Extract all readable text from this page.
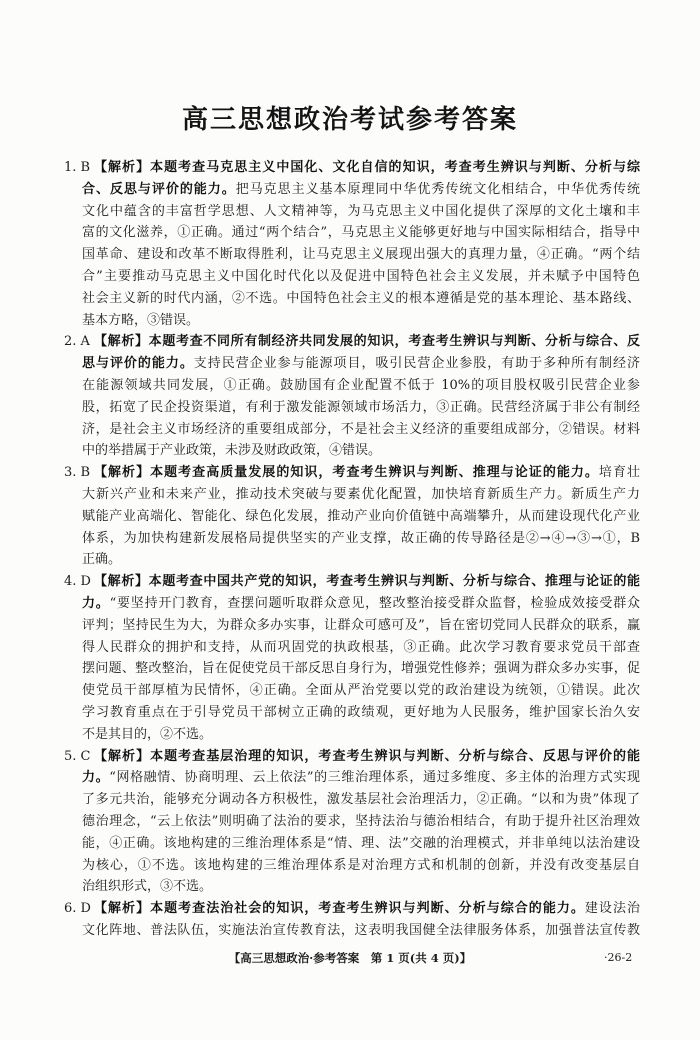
高三思想政治考试参考答案
1. B 【解析】本题考查马克思主义中国化、文化自信的知识，考查考生辨识与判断、分析与综
合、反思与评价的能力。把马克思主义基本原理同中华优秀传统文化相结合，中华优秀传统
文化中蕴含的丰富哲学思想、人文精神等，为马克思主义中国化提供了深厚的文化土壤和丰
富的文化滋养，①正确。通过“两个结合”，马克思主义能够更好地与中国实际相结合，指导中
国革命、建设和改革不断取得胜利，让马克思主义展现出强大的真理力量，④正确。“两个结
合”主要推动马克思主义中国化时代化以及促进中国特色社会主义发展，并未赋予中国特色
社会主义新的时代内涵，②不选。中国特色社会主义的根本遵循是党的基本理论、基本路线、
基本方略，③错误。
2. A 【解析】本题考查不同所有制经济共同发展的知识，考查考生辨识与判断、分析与综合、反
思与评价的能力。支持民营企业参与能源项目，吸引民营企业参股，有助于多种所有制经济
在能源领域共同发展，①正确。鼓励国有企业配置不低于 10%的项目股权吸引民营企业参
股，拓宽了民企投资渠道，有利于激发能源领域市场活力，③正确。民营经济属于非公有制经
济，是社会主义市场经济的重要组成部分，不是社会主义经济的重要组成部分，②错误。材料
中的举措属于产业政策，未涉及财政政策，④错误。
3. B 【解析】本题考查高质量发展的知识，考查考生辨识与判断、推理与论证的能力。培育壮
大新兴产业和未来产业，推动技术突破与要素优化配置，加快培育新质生产力。新质生产力
赋能产业高端化、智能化、绿色化发展，推动产业向价值链中高端攀升，从而建设现代化产业
体系，为加快构建新发展格局提供坚实的产业支撑，故正确的传导路径是②→④→③→①，B
正确。
4. D 【解析】本题考查中国共产党的知识，考查考生辨识与判断、分析与综合、推理与论证的能
力。“要坚持开门教育，查摆问题听取群众意见，整改整治接受群众监督，检验成效接受群众
评判；坚持民生为大，为群众多办实事，让群众可感可及”，旨在密切党同人民群众的联系，赢
得人民群众的拥护和支持，从而巩固党的执政根基，③正确。此次学习教育要求党员干部查
摆问题、整改整治，旨在促使党员干部反思自身行为，增强党性修养；强调为群众多办实事，促
使党员干部厚植为民情怀，④正确。全面从严治党要以党的政治建设为统领，①错误。此次
学习教育重点在于引导党员干部树立正确的政绩观，更好地为人民服务，维护国家长治久安
不是其目的，②不选。
5. C 【解析】本题考查基层治理的知识，考查考生辨识与判断、分析与综合、反思与评价的能
力。“网格融情、协商明理、云上依法”的三维治理体系，通过多维度、多主体的治理方式实现
了多元共治，能够充分调动各方积极性，激发基层社会治理活力，②正确。“以和为贵”体现了
德治理念，“云上依法”则明确了法治的要求，坚持法治与德治相结合，有助于提升社区治理效
能，④正确。该地构建的三维治理体系是“情、理、法”交融的治理模式，并非单纯以法治建设
为核心，①不选。该地构建的三维治理体系是对治理方式和机制的创新，并没有改变基层自
治组织形式，③不选。
6. D 【解析】本题考查法治社会的知识，考查考生辨识与判断、分析与综合的能力。建设法治
文化阵地、普法队伍，实施法治宣传教育法，这表明我国健全法律服务体系，加强普法宣传教
【高三思想政治·参考答案　第 1 页(共 4 页)】	·26-2
